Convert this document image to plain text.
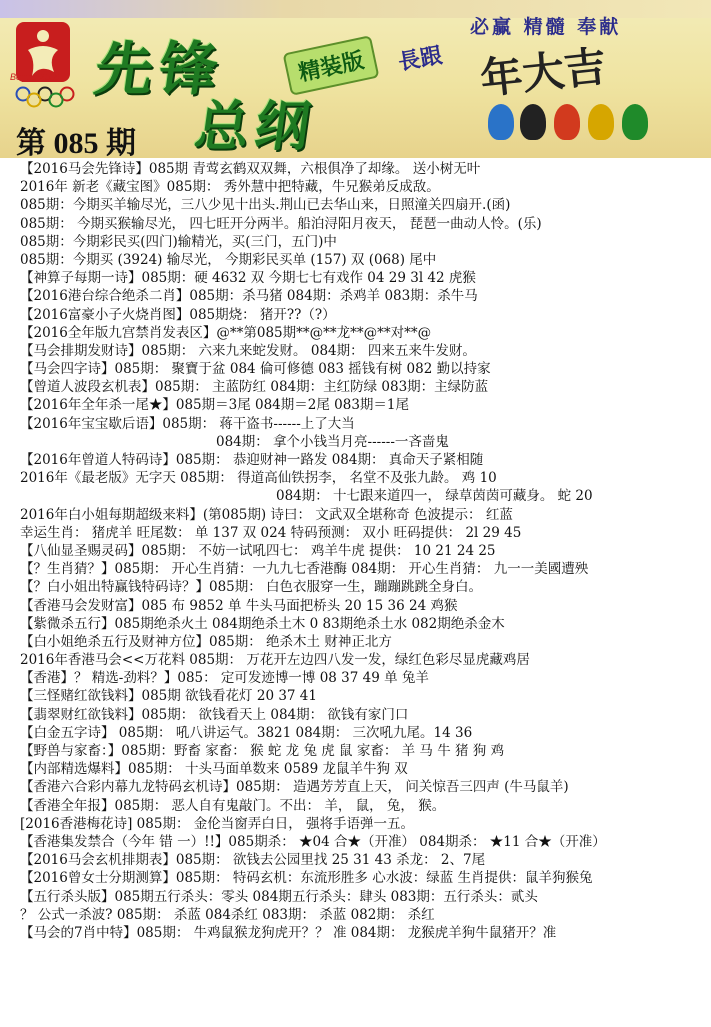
Beijing 2008
必赢 精髓 奉献
先锋	精装版
总纲
長跟 年大吉
第 085 期
【2016马会先锋诗】085期 青莺玄鹤双双舞，六根俱净了却缘。 送小树无叶
2016年 新老《藏宝图》085期： 秀外慧中把特藏，牛兄猴弟反成敌。
085期：今期买羊输尽光，三八少见十出头.荆山已去华山来，日照潼关四扇开.(函)
085期： 今期买猴输尽光， 四七旺开分两半。船泊浔阳月夜天， 琵琶一曲动人怜。(乐)
085期：今期彩民买(四门)输精光，买(三门，五门)中
085期：今期买 (3924) 输尽光， 今期彩民买单 (157) 双 (068) 尾中
【神算子每期一诗】085期：硬 4632 双 今期七七有戏作 04 29 3l 42 虎猴
【2016港台综合绝杀二肖】085期：杀马猪 084期：杀鸡羊 083期：杀牛马
【2016富豪小子火烧肖图】085期烧： 猪开??（?）
【2016全年版九宫禁肖发表区】@**第085期**@**龙**@**对**@
【马会排期发财诗】085期： 六来九来蛇发财。 084期： 四来五来牛发财。
【马会四字诗】085期： 聚寶于盆 084 倫可修德 083 摇钱有树 082 勤以持家
【曾道人波段玄机表】085期： 主蓝防红 084期：主红防绿 083期：主绿防蓝
【2016年全年杀一尾★】085期＝3尾 084期＝2尾 083期＝1尾
【2016年宝宝歇后语】085期： 蒋干盗书------上了大当
084期： 拿个小钱当月亮------一吝啬鬼
【2016年曾道人特码诗】085期： 恭迎财神一路发 084期： 真命天子紧相随
2016年《最老版》无字天 085期： 得道高仙铁拐李， 名堂不及张九龄。 鸡 10
084期： 十七跟来道四一， 绿草茵茵可藏身。 蛇 20
2016年白小姐每期超级来料】(第085期) 诗曰： 文武双全堪称奇 色波提示： 红蓝
幸运生肖： 猪虎羊 旺尾数： 单 137 双 024 特码预测： 双小 旺码提供： 2l 29 45
【八仙显圣赐灵码】085期： 不妨一试吼四七： 鸡羊牛虎 提供： 10 21 24 25
【？生肖猜？】085期： 开心生肖猜：一九九七香港酶 084期： 开心生肖猜： 九一一美國遭殃
【？白小姐出特赢钱特码诗？】085期： 白色衣服穿一生，蹦蹦跳跳全身白。
【香港马会发财富】085 布 9852 单 牛头马面把桥头 20 15 36 24 鸡猴
【紫微杀五行】085期绝杀火土 084期绝杀土木 0 83期绝杀土水 082期绝杀金木
【白小姐绝杀五行及财神方位】085期： 绝杀木土 财神正北方
2016年香港马会<<万花料 085期： 万花开左边四八发一发，绿红色彩尽显虎藏鸡居
【香港】？ 精选-劲料？】085： 定可发迹博一博 08 37 49 单 兔羊
【三怪赌红欲钱料】085期 欲钱看花灯 20 37 41
【翡翠财红欲钱料】085期： 欲钱看天上 084期： 欲钱有家门口
【白金五字诗】 085期： 吼八讲运气。3821 084期： 三次吼九尾。14 36
【野兽与家畜：】085期：野畜 家畜： 猴 蛇 龙 兔 虎 鼠 家畜： 羊 马 牛 猪 狗 鸡
【内部精选爆料】085期： 十头马面单数来 0589 龙鼠羊牛狗 双
【香港六合彩内幕九龙特码玄机诗】085期： 造遇芳芳直上天， 问关惊吾三四声 (牛马鼠羊)
【香港全年报】085期： 恶人自有鬼敲门。不出： 羊， 鼠， 兔， 猴。
[2016香港梅花诗] 085期： 金伦当窗弄白日， 强将手语弹一五。
【香港集发禁合（今年 错 一）!!】085期杀： ★04 合★（开准） 084期杀： ★11 合★（开准）
【2016马会玄机排期表】085期： 欲钱去公园里找 25 31 43 杀龙： 2、7尾
【2016曾女士分期测算】085期： 特码玄机：东流形胜多 心水波：绿蓝 生肖提供：鼠羊狗猴兔
【五行杀头版】085期五行杀头：零头 084期五行杀头：肆头 083期：五行杀头：贰头
？ 公式一杀波? 085期： 杀蓝 084杀红 083期： 杀蓝 082期： 杀红
【马会的7肖中特】085期： 牛鸡鼠猴龙狗虎开？？ 准 084期： 龙猴虎羊狗牛鼠猪开？准
